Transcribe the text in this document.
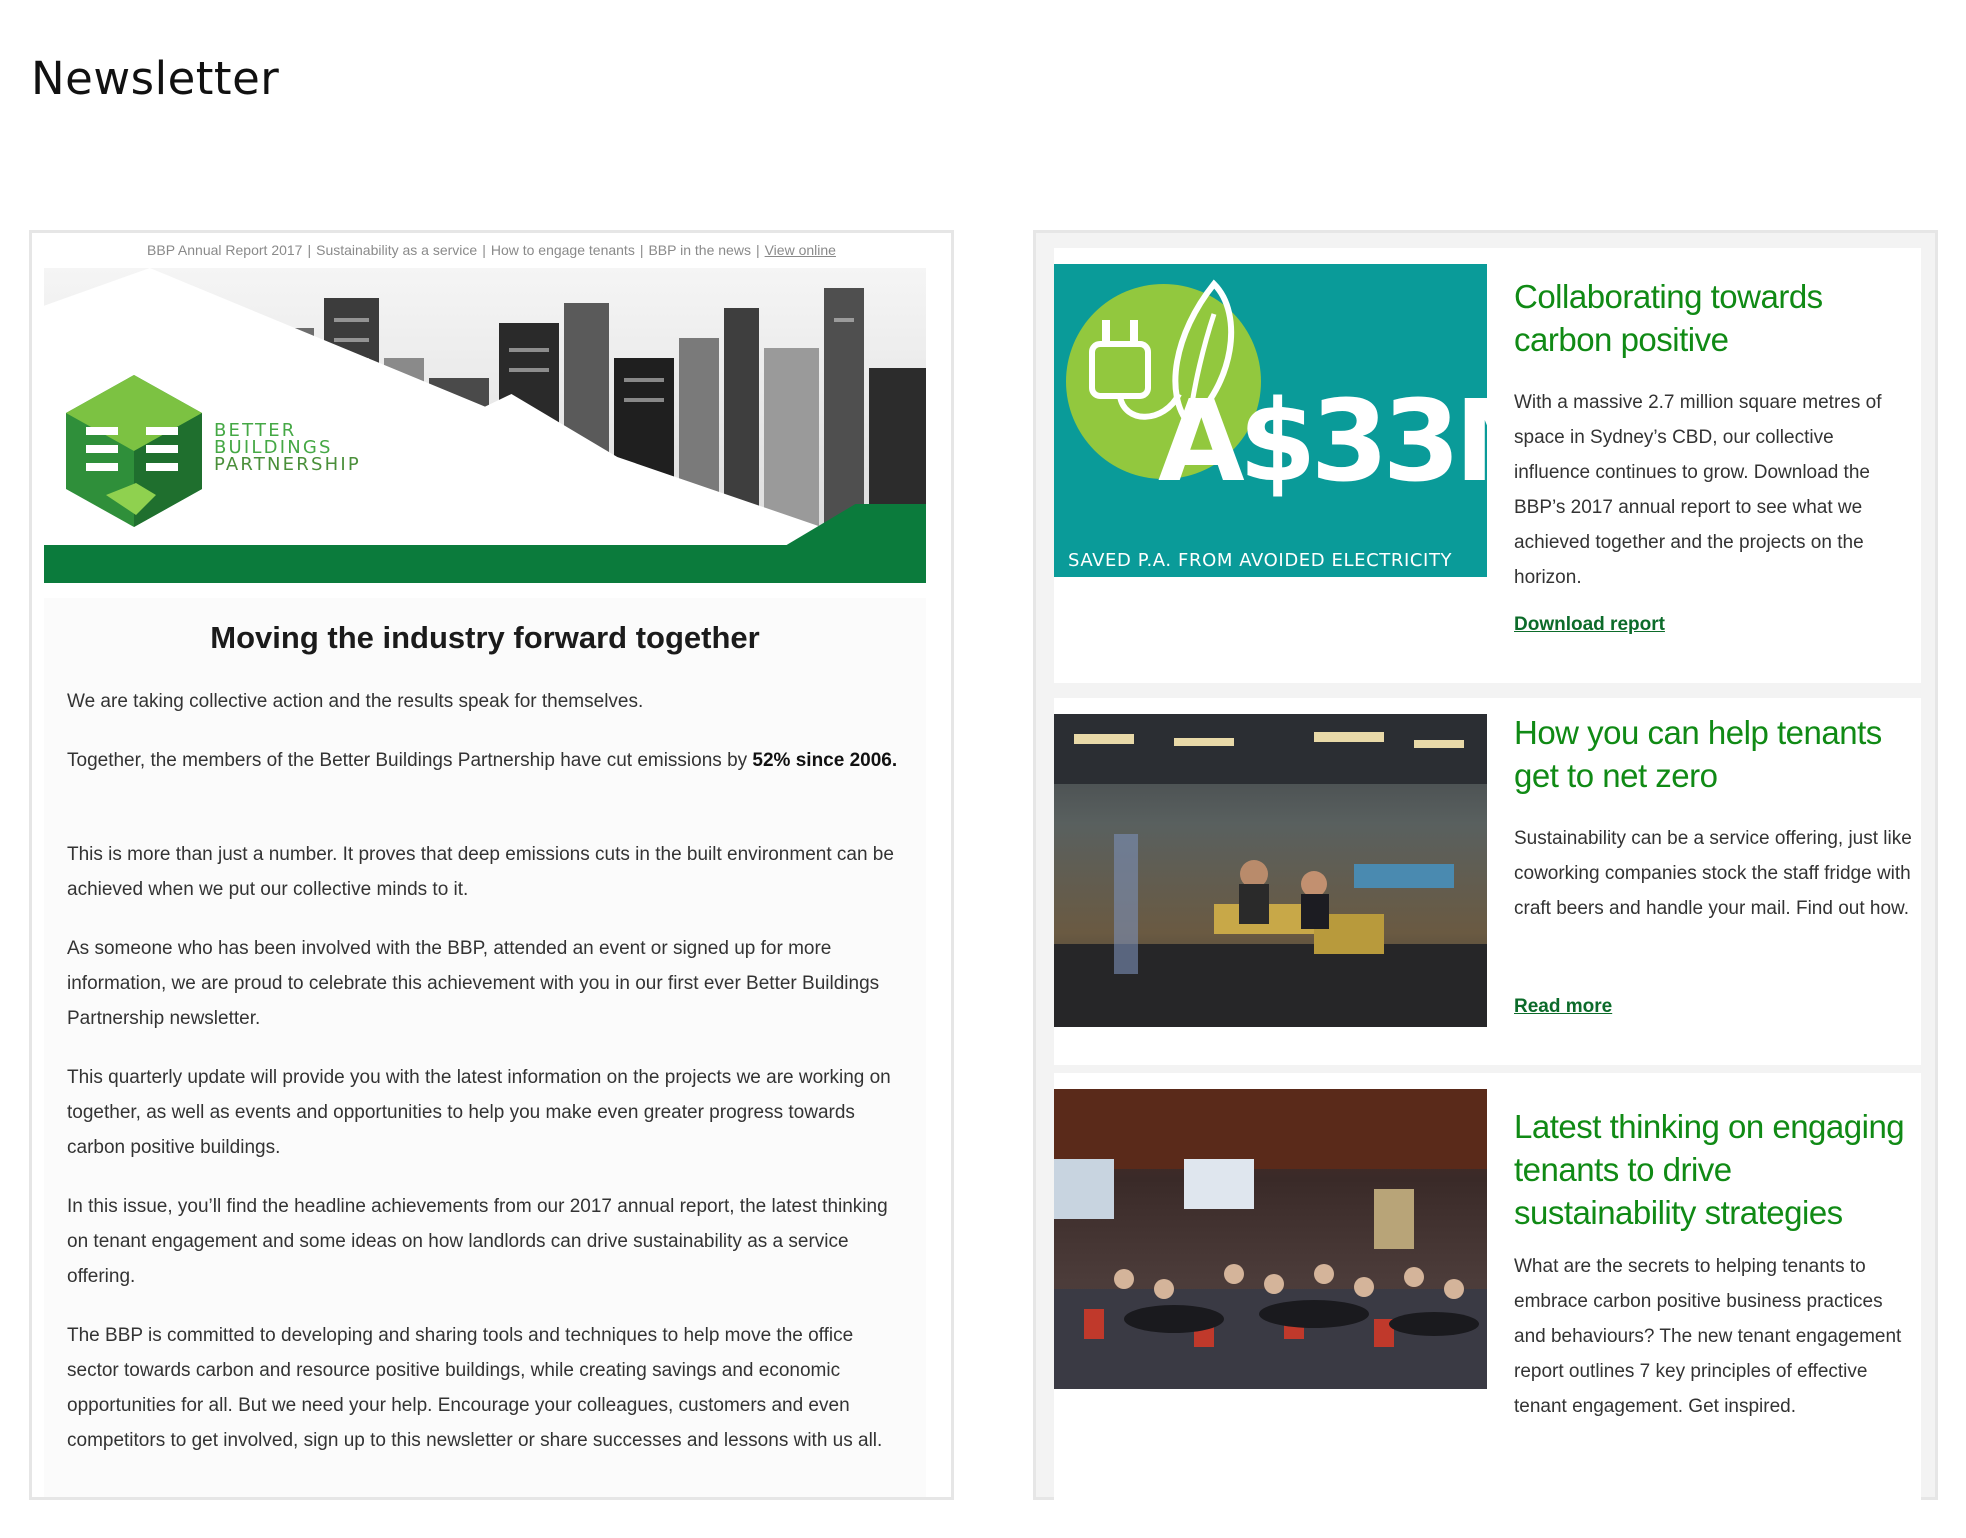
Newsletter
BBP Annual Report 2017 | Sustainability as a service | How to engage tenants | BBP in the news | View online
BETTER
BUILDINGS
PARTNERSHIP
Moving the industry forward together

We are taking collective action and the results speak for themselves.

Together, the members of the Better Buildings Partnership have cut emissions by 52% since 2006.

This is more than just a number. It proves that deep emissions cuts in the built environment can be achieved when we put our collective minds to it.

As someone who has been involved with the BBP, attended an event or signed up for more information, we are proud to celebrate this achievement with you in our first ever Better Buildings Partnership newsletter.

This quarterly update will provide you with the latest information on the projects we are working on together, as well as events and opportunities to help you make even greater progress towards carbon positive buildings.

In this issue, you’ll find the headline achievements from our 2017 annual report, the latest thinking on tenant engagement and some ideas on how landlords can drive sustainability as a service offering.

The BBP is committed to developing and sharing tools and techniques to help move the office sector towards carbon and resource positive buildings, while creating savings and economic opportunities for all. But we need your help. Encourage your colleagues, customers and even competitors to get involved, sign up to this newsletter or share successes and lessons with us all.

A$33M
SAVED P.A. FROM AVOIDED ELECTRICITY
Collaborating towards carbon positive

With a massive 2.7 million square metres of space in Sydney’s CBD, our collective influence continues to grow. Download the BBP’s 2017 annual report to see what we achieved together and the projects on the horizon.

Download report
How you can help tenants get to net zero

Sustainability can be a service offering, just like coworking companies stock the staff fridge with craft beers and handle your mail. Find out how.

Read more
Latest thinking on engaging tenants to drive sustainability strategies

What are the secrets to helping tenants to embrace carbon positive business practices and behaviours? The new tenant engagement report outlines 7 key principles of effective tenant engagement. Get inspired.
